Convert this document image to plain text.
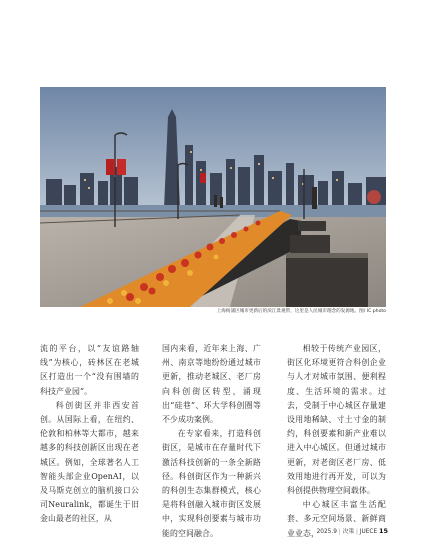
上海杨浦区城市更新后的滨江景观带，这里是人民城市理念的发源地。图/ IC photo

流的平台，以“友谊路轴线”为核心，砖林区在老城区打造出一个“没有围墙的科技产业园”。

科创街区并非西安首创。从国际上看，在纽约、伦敦和柏林等大都市，越来越多的科技创新区出现在老城区。例如，全球著名人工智能头部企业OpenAI，以及马斯克创立的脑机接口公司Neuralink，都诞生于旧金山最老的社区，从

国内来看，近年来上海、广州、南京等地纷纷通过城市更新，推动老城区、老厂房向科创街区转型，涌现出“硅巷”、环大学科创圈等不少成功案例。

在专家看来，打造科创街区，是城市在存量时代下激活科技创新的一条全新路径。科创街区作为一种新兴的科创生态集群模式，核心是将科创融入城市街区发展中，实现科创要素与城市功能的空间融合。

相较于传统产业园区，街区化环境更符合科创企业与人才对城市氛围、便利程度、生活环境的需求。过去，受制于中心城区存量建设用地稀缺、寸土寸金的制约，科创要素和新产业难以进入中心城区。但通过城市更新，对老街区老厂房、低效用地进行再开发，可以为科创提供物理空间载体。

中心城区丰富生活配套、多元空间场景、新鲜商业业态，

2025.9 | 决策 | JUECE 15
